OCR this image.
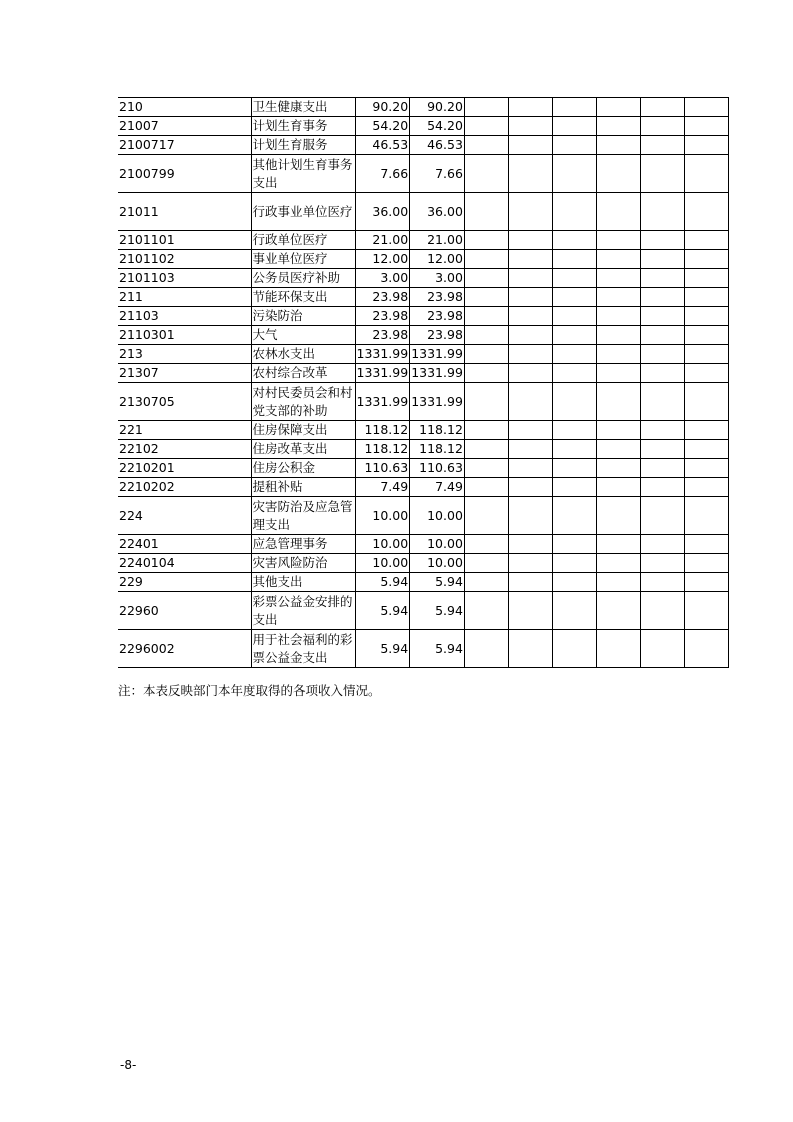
210	卫生健康支出	90.20	90.20						
21007	计划生育事务	54.20	54.20						
2100717	计划生育服务	46.53	46.53						
2100799	其他计划生育事务支出	7.66	7.66						
21011	行政事业单位医疗	36.00	36.00						
2101101	行政单位医疗	21.00	21.00						
2101102	事业单位医疗	12.00	12.00						
2101103	公务员医疗补助	3.00	3.00						
211	节能环保支出	23.98	23.98						
21103	污染防治	23.98	23.98						
2110301	大气	23.98	23.98						
213	农林水支出	1331.99	1331.99						
21307	农村综合改革	1331.99	1331.99						
2130705	对村民委员会和村党支部的补助	1331.99	1331.99						
221	住房保障支出	118.12	118.12						
22102	住房改革支出	118.12	118.12						
2210201	住房公积金	110.63	110.63						
2210202	提租补贴	7.49	7.49						
224	灾害防治及应急管理支出	10.00	10.00						
22401	应急管理事务	10.00	10.00						
2240104	灾害风险防治	10.00	10.00						
229	其他支出	5.94	5.94						
22960	彩票公益金安排的支出	5.94	5.94						
2296002	用于社会福利的彩票公益金支出	5.94	5.94						
注：本表反映部门本年度取得的各项收入情况。
-8-
